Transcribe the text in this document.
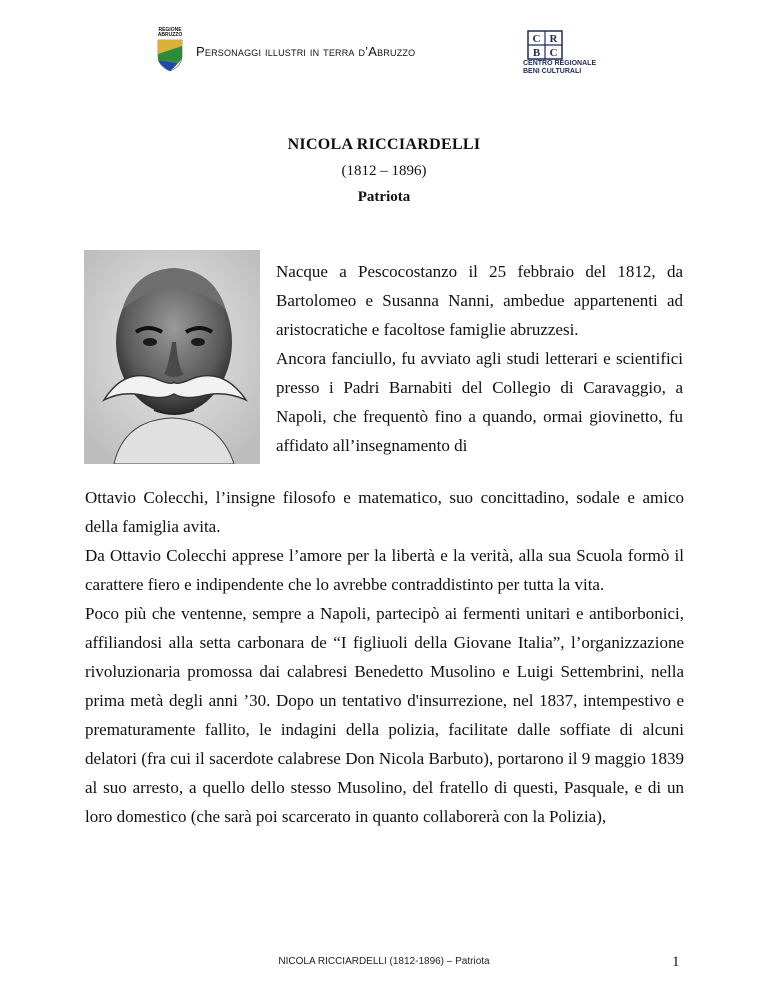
REGIONE ABRUZZO
Personaggi illustri in terra d’Abruzzo
C R
B C
CENTRO REGIONALE
BENI CULTURALI
NICOLA RICCIARDELLI
(1812 – 1896)
Patriota
Nacque a Pescocostanzo il 25 febbraio del 1812, da Bartolomeo e Susanna Nanni, ambedue appartenenti ad aristocratiche e facoltose famiglie abruzzesi.
Ancora fanciullo, fu avviato agli studi letterari e scientifici presso i Padri Barnabiti del Collegio di Caravaggio, a Napoli, che frequentò fino a quando, ormai giovinetto, fu affidato all’insegnamento di

Ottavio Colecchi, l’insigne filosofo e matematico, suo concittadino, sodale e amico della famiglia avita.

Da Ottavio Colecchi apprese l’amore per la libertà e la verità, alla sua Scuola formò il carattere fiero e indipendente che lo avrebbe contraddistinto per tutta la vita.

Poco più che ventenne, sempre a Napoli, partecipò ai fermenti unitari e antiborbonici, affiliandosi alla setta carbonara de “I figliuoli della Giovane Italia”, l’organizzazione rivoluzionaria promossa dai calabresi Benedetto Musolino e Luigi Settembrini, nella prima metà degli anni ’30. Dopo un tentativo d'insurrezione, nel 1837, intempestivo e prematuramente fallito, le indagini della polizia, facilitate dalle soffiate di alcuni delatori (fra cui il sacerdote calabrese Don Nicola Barbuto), portarono il 9 maggio 1839 al suo arresto, a quello dello stesso Musolino, del fratello di questi, Pasquale, e di un loro domestico (che sarà poi scarcerato in quanto collaborerà con la Polizia),

NICOLA RICCIARDELLI (1812-1896) – Patriota	1
